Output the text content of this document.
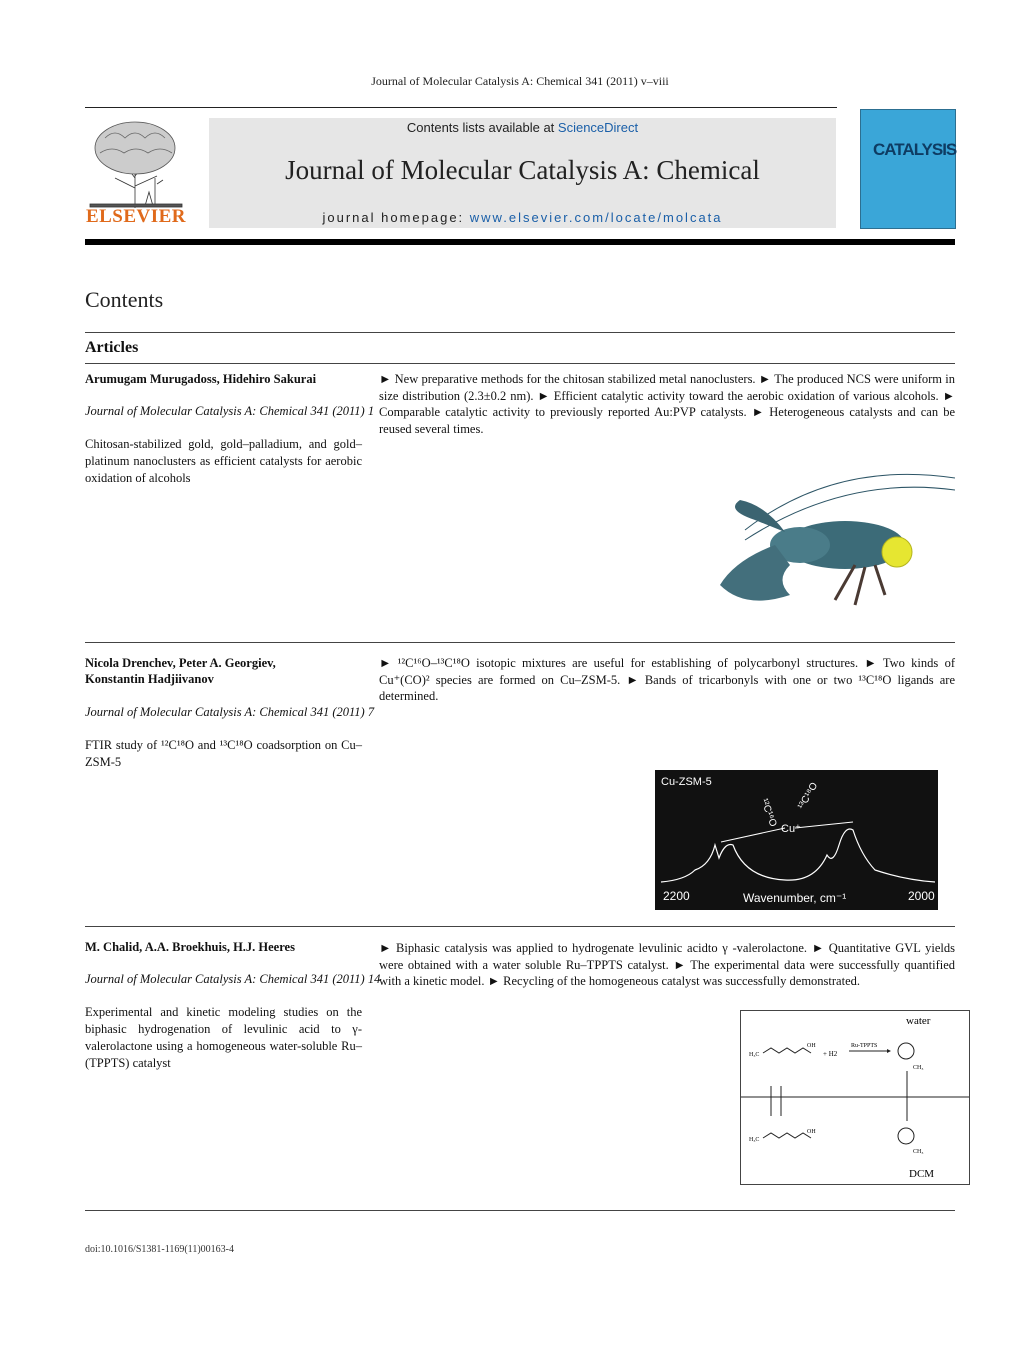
Journal of Molecular Catalysis A: Chemical 341 (2011) v–viii
ELSEVIER
Contents lists available at ScienceDirect
Journal of Molecular Catalysis A: Chemical
journal homepage: www.elsevier.com/locate/molcata
CATALYSIS
Contents
Articles
Arumugam Murugadoss, Hidehiro Sakurai
Journal of Molecular Catalysis A: Chemical 341 (2011) 1
Chitosan-stabilized gold, gold–palladium, and gold–platinum nanoclusters as efficient catalysts for aerobic oxidation of alcohols
► New preparative methods for the chitosan stabilized metal nanoclusters. ► The produced NCS were uniform in size distribution (2.3±0.2 nm). ► Efficient catalytic activity toward the aerobic oxidation of various alcohols. ► Comparable catalytic activity to previously reported Au:PVP catalysts. ► Heterogeneous catalysts and can be reused several times.
Nicola Drenchev, Peter A. Georgiev, Konstantin Hadjiivanov
Journal of Molecular Catalysis A: Chemical 341 (2011) 7
FTIR study of ¹²C¹⁸O and ¹³C¹⁸O coadsorption on Cu–ZSM-5
► ¹²C¹⁶O–¹³C¹⁸O isotopic mixtures are useful for establishing of polycarbonyl structures. ► Two kinds of Cu⁺(CO)² species are formed on Cu–ZSM-5. ► Bands of tricarbonyls with one or two ¹³C¹⁸O ligands are determined.
Cu-ZSM-5
¹²C¹⁶O
¹³C¹⁸O
Cu⁺
2200	Wavenumber, cm⁻¹	2000
M. Chalid, A.A. Broekhuis, H.J. Heeres
Journal of Molecular Catalysis A: Chemical 341 (2011) 14
Experimental and kinetic modeling studies on the biphasic hydrogenation of levulinic acid to γ-valerolactone using a homogeneous water-soluble Ru–(TPPTS) catalyst
► Biphasic catalysis was applied to hydrogenate levulinic acidto γ -valerolactone. ► Quantitative GVL yields were obtained with a water soluble Ru–TPPTS catalyst. ► The experimental data were successfully quantified with a kinetic model. ► Recycling of the homogeneous catalyst was successfully demonstrated.
water
DCM
H₃C
OH
+ H2
Ru-TPPTS
CH₃
H₃C
OH
CH₃
doi:10.1016/S1381-1169(11)00163-4
